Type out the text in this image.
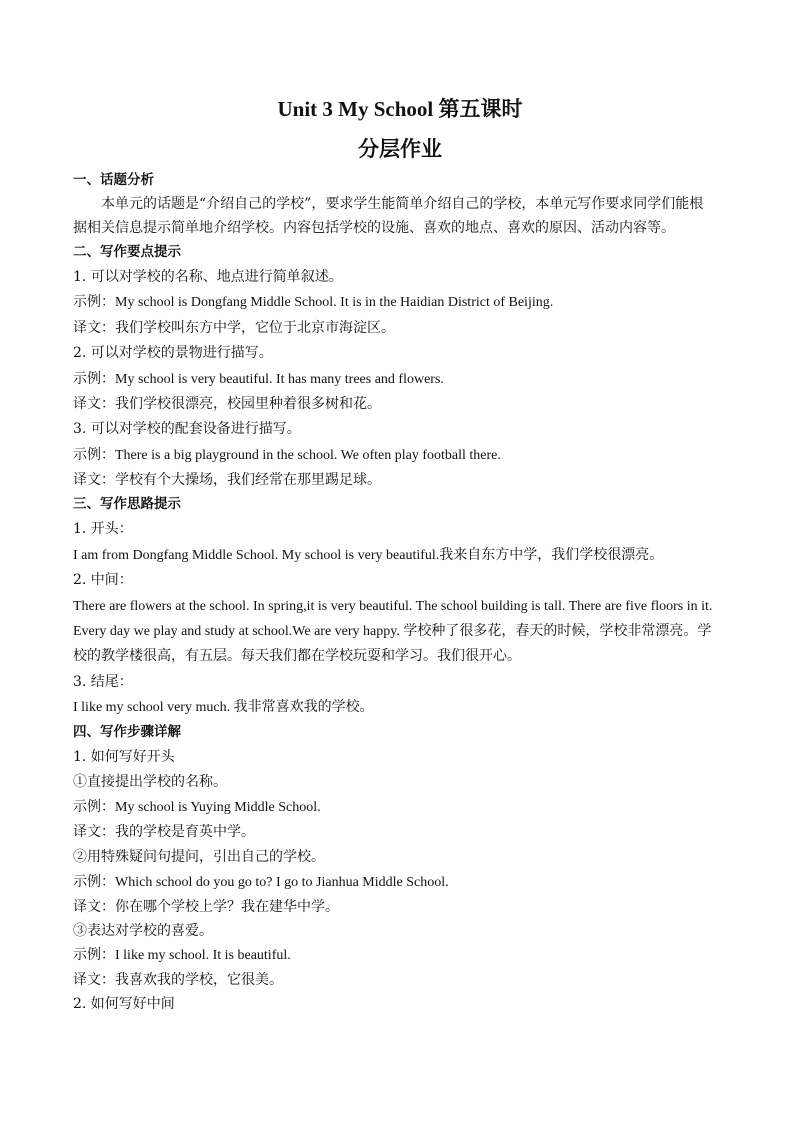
Unit 3 My School 第五课时
分层作业
一、话题分析
本单元的话题是“介绍自己的学校”，要求学生能简单介绍自己的学校，本单元写作要求同学们能根
据相关信息提示简单地介绍学校。内容包括学校的设施、喜欢的地点、喜欢的原因、活动内容等。
二、写作要点提示
1. 可以对学校的名称、地点进行简单叙述。
示例：My school is Dongfang Middle School. It is in the Haidian District of Beijing.
译文：我们学校叫东方中学，它位于北京市海淀区。
2. 可以对学校的景物进行描写。
示例：My school is very beautiful. It has many trees and flowers.
译文：我们学校很漂亮，校园里种着很多树和花。
3. 可以对学校的配套设备进行描写。
示例：There is a big playground in the school. We often play football there.
译文：学校有个大操场，我们经常在那里踢足球。
三、写作思路提示
1. 开头：
I am from Dongfang Middle School. My school is very beautiful.我来自东方中学，我们学校很漂亮。
2. 中间：
There are flowers at the school. In spring,it is very beautiful. The school building is tall. There are five floors in it.
Every day we play and study at school.We are very happy. 学校种了很多花，春天的时候，学校非常漂亮。学
校的教学楼很高，有五层。每天我们都在学校玩耍和学习。我们很开心。
3. 结尾：
I like my school very much. 我非常喜欢我的学校。
四、写作步骤详解
1. 如何写好开头
①直接提出学校的名称。
示例：My school is Yuying Middle School.
译文：我的学校是育英中学。
②用特殊疑问句提问，引出自己的学校。
示例：Which school do you go to? I go to Jianhua Middle School.
译文：你在哪个学校上学？我在建华中学。
③表达对学校的喜爱。
示例：I like my school. It is beautiful.
译文：我喜欢我的学校，它很美。
2. 如何写好中间
